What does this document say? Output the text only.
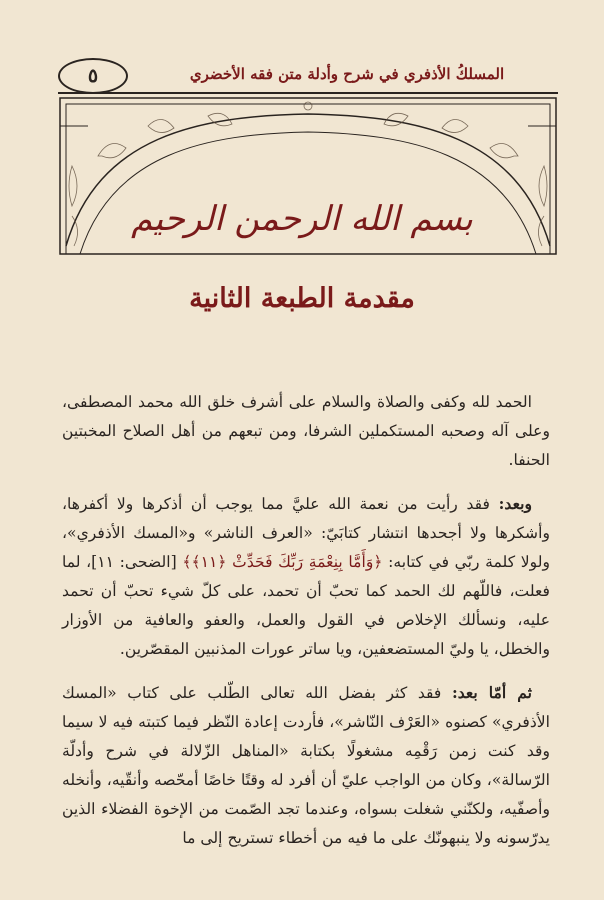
٥	المسلكُ الأذفري في شرح وأدلة متن فقه الأخضري
بسم الله الرحمن الرحيم
مقدمة الطبعة الثانية

الحمد لله وكفى والصلاة والسلام على أشرف خلق الله محمد المصطفى، وعلى آله وصحبه المستكملين الشرفا، ومن تبعهم من أهل الصلاح المخبتين الحنفا.

وبعد: فقد رأيت من نعمة الله عليَّ مما يوجب أن أذكرها ولا أكفرها، وأشكرها ولا أجحدها انتشار كتابَيّ: «العرف الناشر» و«المسك الأذفري»، ولولا كلمة ربّي في كتابه: ﴿وَأَمَّا بِنِعْمَةِ رَبِّكَ فَحَدِّثْ ﴿١١﴾﴾ [الضحى: ١١]، لما فعلت، فاللّهم لك الحمد كما تحبّ أن تحمد، على كلّ شيء تحبّ أن تحمد عليه، ونسألك الإخلاص في القول والعمل، والعفو والعافية من الأوزار والخطل، يا وليّ المستضعفين، ويا ساتر عورات المذنبين المقصّرين.

ثم أمّا بعد: فقد كثر بفضل الله تعالى الطّلب على كتاب «المسك الأذفري» كصنوه «العَرْف النّاشر»، فأردت إعادة النّظر فيما كتبته فيه لا سيما وقد كنت زمن رَقْمِه مشغولًا بكتابة «المناهل الزّلالة في شرح وأدلّة الرّسالة»، وكان من الواجب عليّ أن أفرد له وقتًا خاصًا أمحّصه وأنقّيه، وأنخله وأصفّيه، ولكنّني شغلت بسواه، وعندما تجد الصّمت من الإخوة الفضلاء الذين يدرّسونه ولا ينبهونّك على ما فيه من أخطاء تستريح إلى ما
